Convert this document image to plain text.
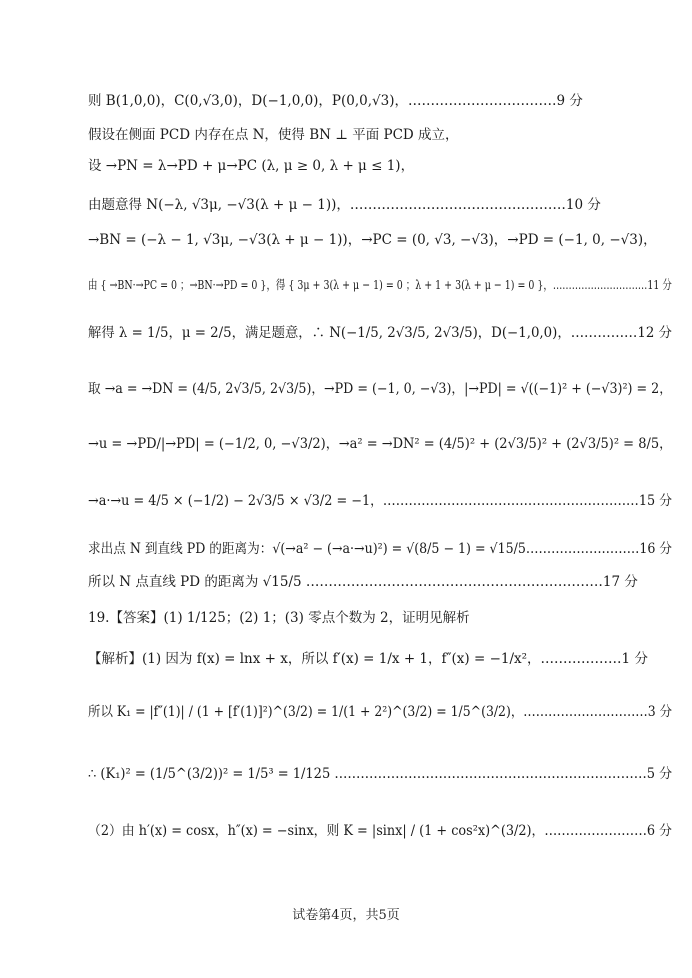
则 B(1,0,0)，C(0,√3,0)，D(−1,0,0)，P(0,0,√3)，……………………………9 分
假设在侧面 PCD 内存在点 N，使得 BN ⊥ 平面 PCD 成立，
设 →PN = λ→PD + μ→PC (λ, μ ≥ 0, λ + μ ≤ 1)，
由题意得 N(−λ, √3μ, −√3(λ + μ − 1))，…………………………………………10 分
→BN = (−λ − 1, √3μ, −√3(λ + μ − 1))，→PC = (0, √3, −√3)，→PD = (−1, 0, −√3)，
由 { →BN·→PC = 0 ；→BN·→PD = 0 }，得 { 3μ + 3(λ + μ − 1) = 0 ；λ + 1 + 3(λ + μ − 1) = 0 }，…………………………11 分
解得 λ = 1/5，μ = 2/5，满足题意，∴ N(−1/5, 2√3/5, 2√3/5)，D(−1,0,0)，……………12 分
取 →a = →DN = (4/5, 2√3/5, 2√3/5)，→PD = (−1, 0, −√3)，|→PD| = √((−1)² + (−√3)²) = 2，
→u = →PD/|→PD| = (−1/2, 0, −√3/2)，→a² = →DN² = (4/5)² + (2√3/5)² + (2√3/5)² = 8/5，
→a·→u = 4/5 × (−1/2) − 2√3/5 × √3/2 = −1，……………………………………………………15 分
求出点 N 到直线 PD 的距离为：√(→a² − (→a·→u)²) = √(8/5 − 1) = √15/5………………………16 分
所以 N 点直线 PD 的距离为 √15/5 …………………………………………………………17 分
19.【答案】(1) 1/125；(2) 1；(3) 零点个数为 2，证明见解析
【解析】(1) 因为 f(x) = lnx + x，所以 f′(x) = 1/x + 1，f″(x) = −1/x²，………………1 分
所以 K₁ = |f″(1)| / (1 + [f′(1)]²)^(3/2) = 1/(1 + 2²)^(3/2) = 1/5^(3/2)，…………………………3 分
∴ (K₁)² = (1/5^(3/2))² = 1/5³ = 1/125 ………………………………………………………………5 分
（2）由 h′(x) = cosx，h″(x) = −sinx，则 K = |sinx| / (1 + cos²x)^(3/2)，……………………6 分
试卷第4页，共5页
